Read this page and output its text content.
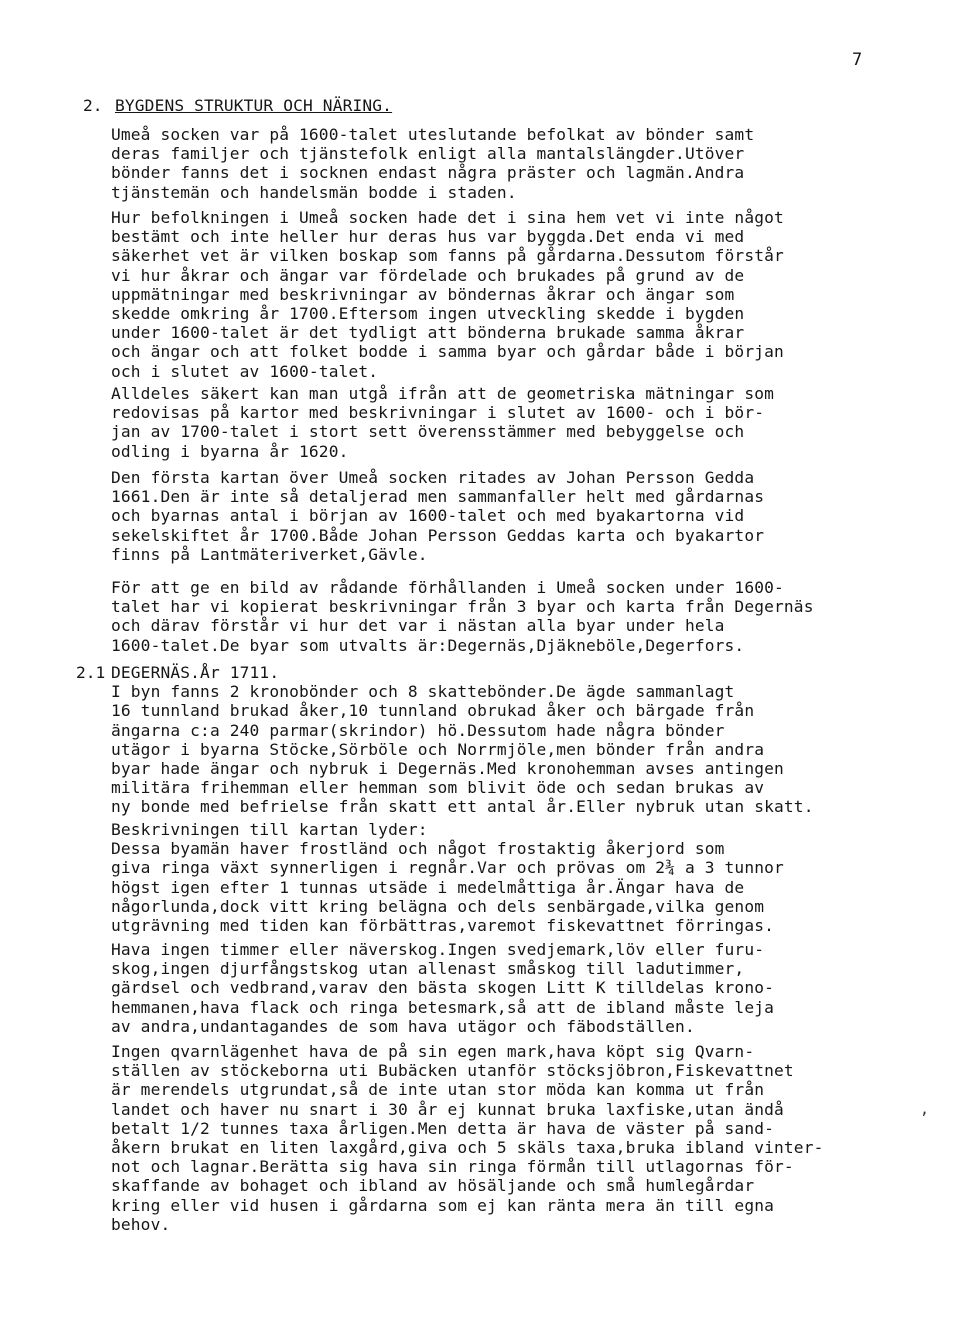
7
2. BYGDENS STRUKTUR OCH NÄRING.
Umeå socken var på 1600-talet uteslutande befolkat av bönder samt
deras familjer och tjänstefolk enligt alla mantalslängder.Utöver
bönder fanns det i socknen endast några präster och lagmän.Andra
tjänstemän och handelsmän bodde i staden.
Hur befolkningen i Umeå socken hade det i sina hem vet vi inte något
bestämt och inte heller hur deras hus var byggda.Det enda vi med
säkerhet vet är vilken boskap som fanns på gårdarna.Dessutom förstår
vi hur åkrar och ängar var fördelade och brukades på grund av de
uppmätningar med beskrivningar av böndernas åkrar och ängar som
skedde omkring år 1700.Eftersom ingen utveckling skedde i bygden
under 1600-talet är det tydligt att bönderna brukade samma åkrar
och ängar och att folket bodde i samma byar och gårdar både i början
och i slutet av 1600-talet.
Alldeles säkert kan man utgå ifrån att de geometriska mätningar som
redovisas på kartor med beskrivningar i slutet av 1600- och i bör-
jan av 1700-talet i stort sett överensstämmer med bebyggelse och
odling i byarna år 1620.
Den första kartan över Umeå socken ritades av Johan Persson Gedda
1661.Den är inte så detaljerad men sammanfaller helt med gårdarnas
och byarnas antal i början av 1600-talet och med byakartorna vid
sekelskiftet år 1700.Både Johan Persson Geddas karta och byakartor
finns på Lantmäteriverket,Gävle.
För att ge en bild av rådande förhållanden i Umeå socken under 1600-
talet har vi kopierat beskrivningar från 3 byar och karta från Degernäs
och därav förstår vi hur det var i nästan alla byar under hela
1600-talet.De byar som utvalts är:Degernäs,Djäkneböle,Degerfors.
DEGERNÄS.År 1711.
I byn fanns 2 kronobönder och 8 skattebönder.De ägde sammanlagt
16 tunnland brukad åker,10 tunnland obrukad åker och bärgade från
ängarna c:a 240 parmar(skrindor) hö.Dessutom hade några bönder
utägor i byarna Stöcke,Sörböle och Norrmjöle,men bönder från andra
byar hade ängar och nybruk i Degernäs.Med kronohemman avses antingen
militära frihemman eller hemman som blivit öde och sedan brukas av
ny bonde med befrielse från skatt ett antal år.Eller nybruk utan skatt.
Beskrivningen till kartan lyder:
Dessa byamän haver frostländ och något frostaktig åkerjord som
giva ringa växt synnerligen i regnår.Var och prövas om 2¾ a 3 tunnor
högst igen efter 1 tunnas utsäde i medelmåttiga år.Ängar hava de
någorlunda,dock vitt kring belägna och dels senbärgade,vilka genom
utgrävning med tiden kan förbättras,varemot fiskevattnet förringas.
Hava ingen timmer eller näverskog.Ingen svedjemark,löv eller furu-
skog,ingen djurfångstskog utan allenast småskog till ladutimmer,
gärdsel och vedbrand,varav den bästa skogen Litt K tilldelas krono-
hemmanen,hava flack och ringa betesmark,så att de ibland måste leja
av andra,undantagandes de som hava utägor och fäbodställen.
Ingen qvarnlägenhet hava de på sin egen mark,hava köpt sig Qvarn-
ställen av stöckeborna uti Bubäcken utanför stöcksjöbron,Fiskevattnet
är merendels utgrundat,så de inte utan stor möda kan komma ut från
landet och haver nu snart i 30 år ej kunnat bruka laxfiske,utan ändå
betalt 1/2 tunnes taxa årligen.Men detta är hava de väster på sand-
åkern brukat en liten laxgård,giva och 5 skäls taxa,bruka ibland vinter-
not och lagnar.Berätta sig hava sin ringa förmån till utlagornas för-
skaffande av bohaget och ibland av hösäljande och små humlegårdar
kring eller vid husen i gårdarna som ej kan ränta mera än till egna
behov.
2.1
,
